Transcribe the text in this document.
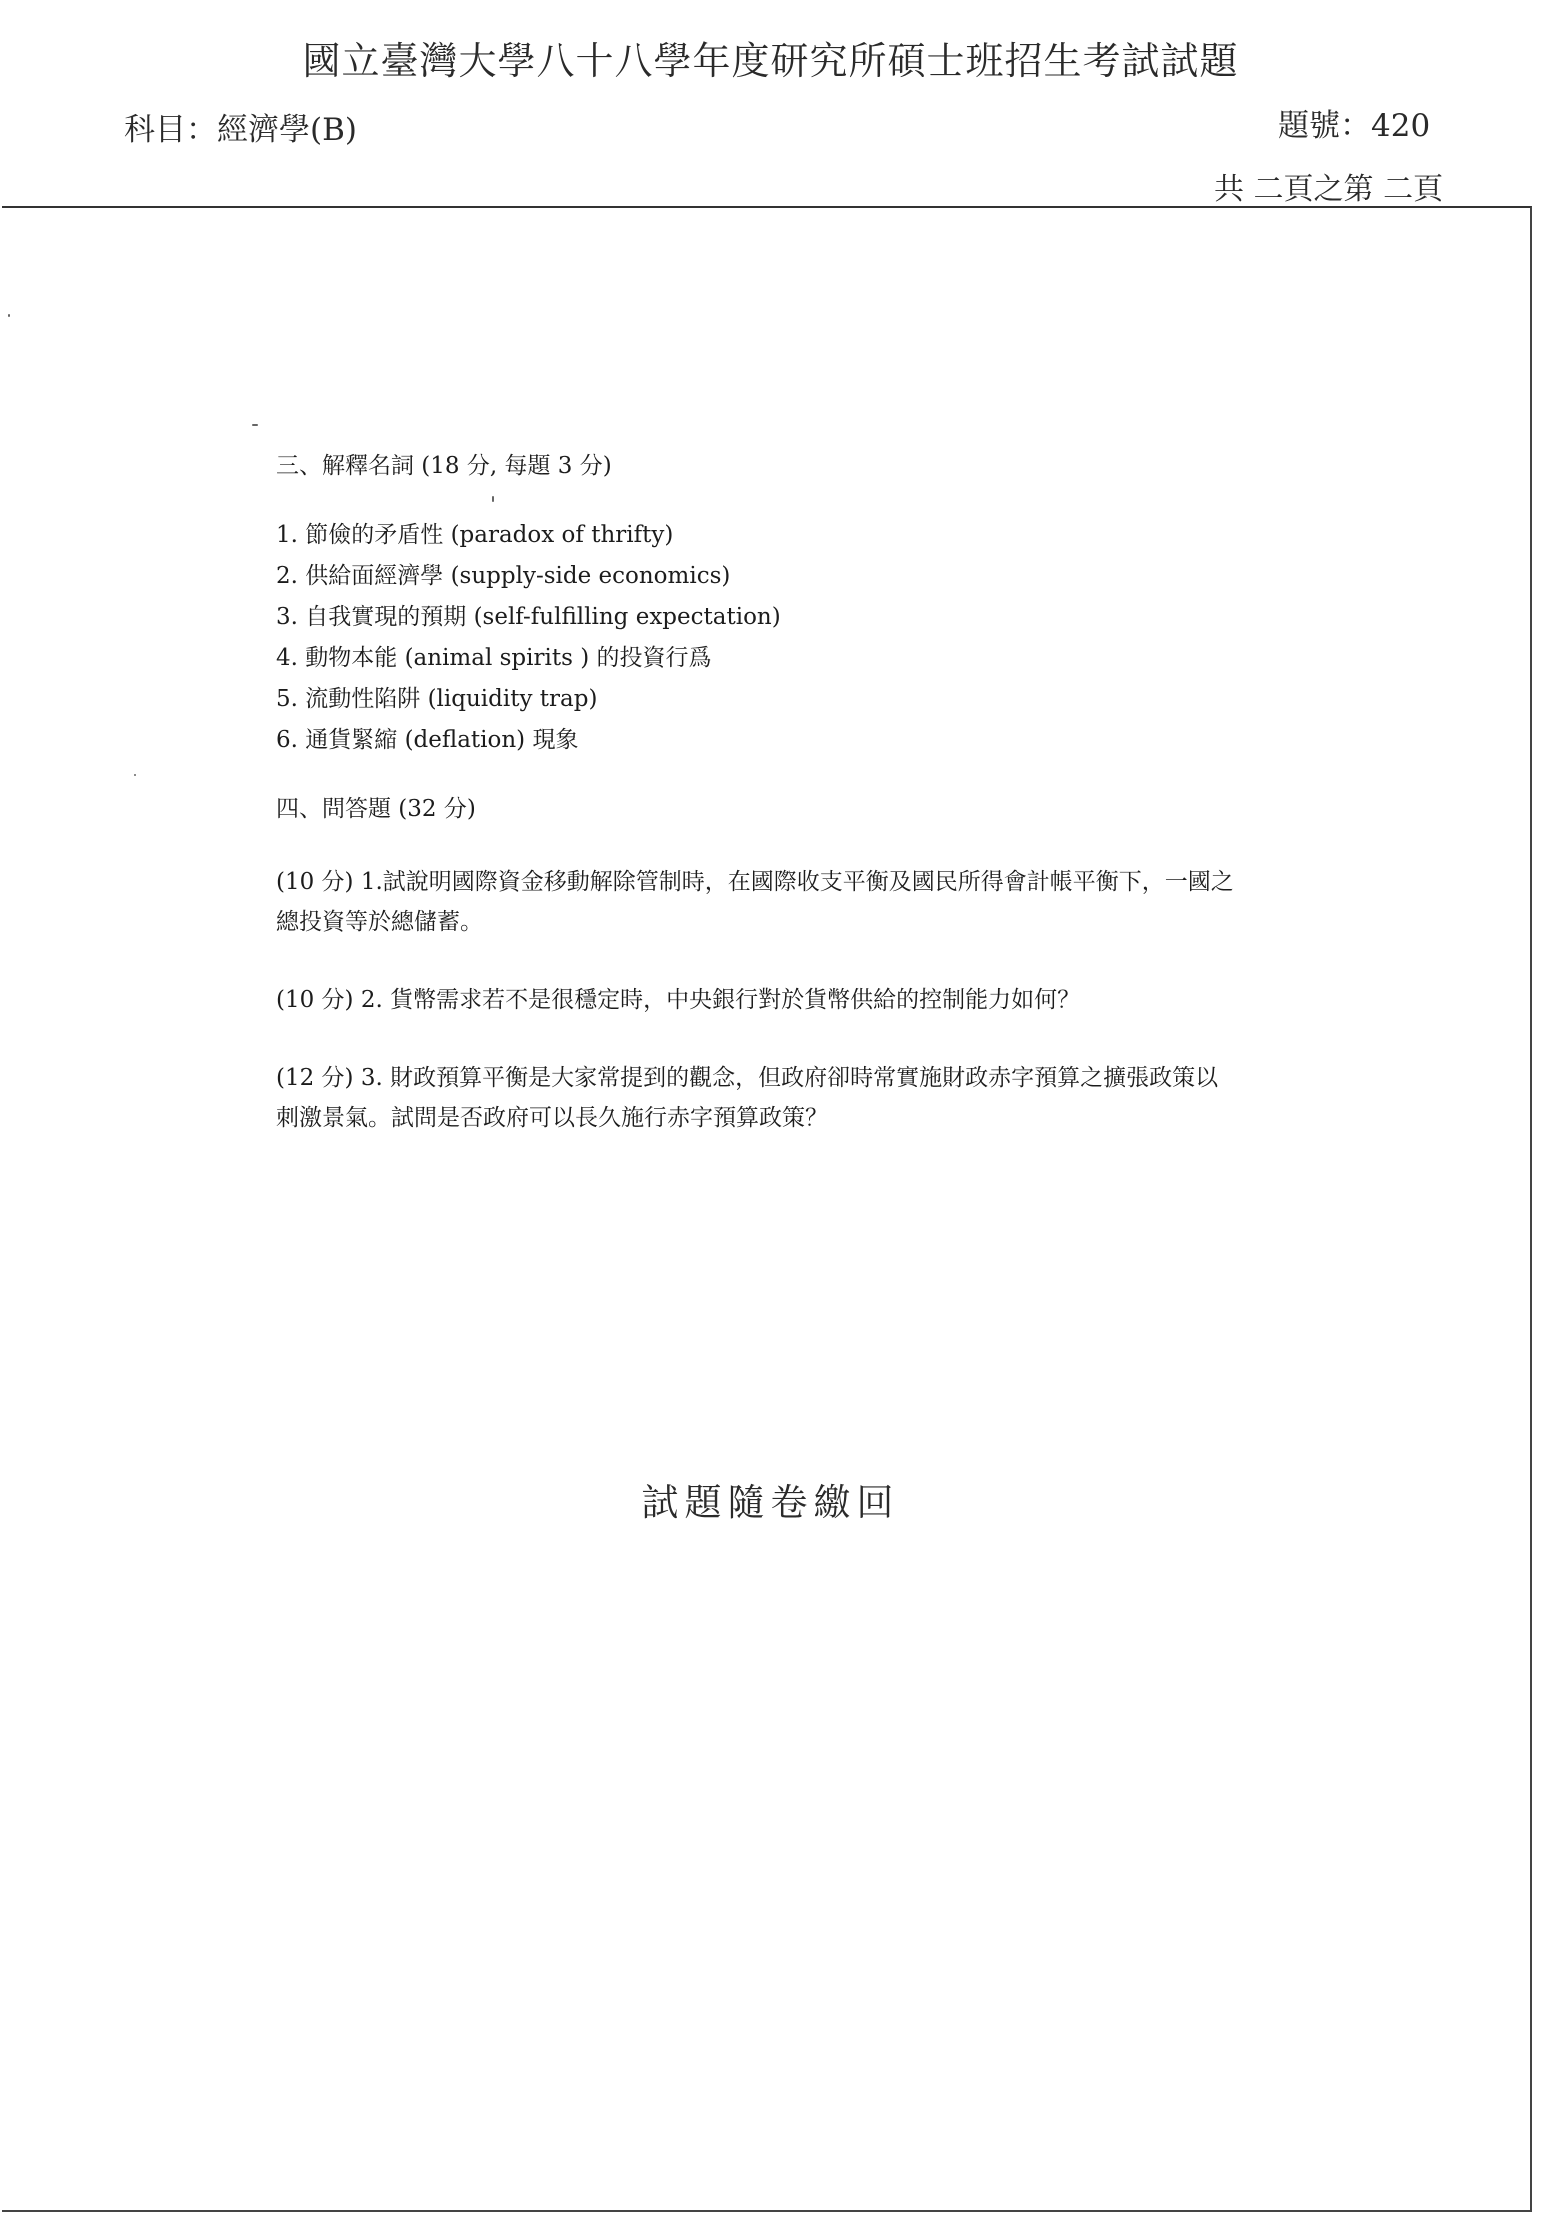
國立臺灣大學八十八學年度研究所碩士班招生考試試題
科目：經濟學(B)	題號：420
共 二頁之第 二頁
三、解釋名詞 (18 分, 每題 3 分)
1. 節儉的矛盾性 (paradox of thrifty)
2. 供給面經濟學 (supply-side economics)
3. 自我實現的預期 (self-fulfilling expectation)
4. 動物本能 (animal spirits ) 的投資行爲
5. 流動性陷阱 (liquidity trap)
6. 通貨緊縮 (deflation) 現象
四、問答題 (32 分)
(10 分) 1.試說明國際資金移動解除管制時，在國際收支平衡及國民所得會計帳平衡下，一國之總投資等於總儲蓄。
(10 分) 2. 貨幣需求若不是很穩定時，中央銀行對於貨幣供給的控制能力如何？
(12 分) 3. 財政預算平衡是大家常提到的觀念，但政府卻時常實施財政赤字預算之擴張政策以刺激景氣。試問是否政府可以長久施行赤字預算政策？
試題隨卷繳回
